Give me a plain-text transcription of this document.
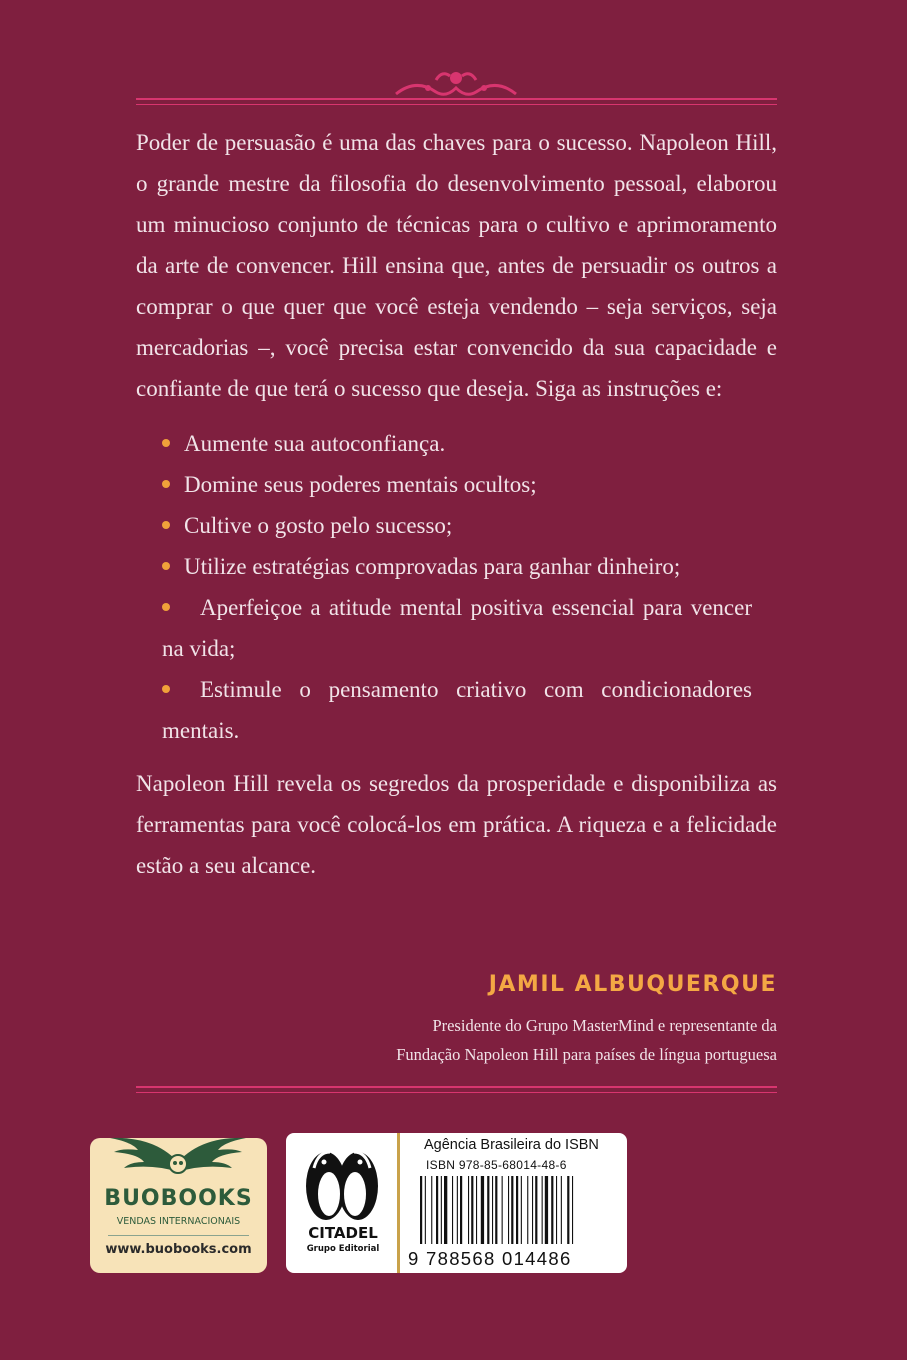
Poder de persuasão é uma das chaves para o sucesso. Napoleon Hill, o grande mestre da filosofia do desenvolvimento pessoal, elaborou um minucioso conjunto de técnicas para o cultivo e aprimoramento da arte de convencer. Hill ensina que, antes de persuadir os outros a comprar o que quer que você esteja vendendo – seja serviços, seja mercadorias –, você precisa estar convencido da sua capacidade e confiante de que terá o sucesso que deseja. Siga as instruções e:

Aumente sua autoconfiança.
Domine seus poderes mentais ocultos;
Cultive o gosto pelo sucesso;
Utilize estratégias comprovadas para ganhar dinheiro;
Aperfeiçoe a atitude mental positiva essencial para vencer na vida;
Estimule o pensamento criativo com condicionadores mentais.

Napoleon Hill revela os segredos da prosperidade e disponibiliza as ferramentas para você colocá-los em prática. A riqueza e a felicidade estão a seu alcance.

JAMIL ALBUQUERQUE
Presidente do Grupo MasterMind e representante da
Fundação Napoleon Hill para países de língua portuguesa
BUOBOOKS
VENDAS INTERNACIONAIS
www.buobooks.com
CITADEL
Grupo Editorial
Agência Brasileira do ISBN
ISBN 978-85-68014-48-6
9 788568 014486
